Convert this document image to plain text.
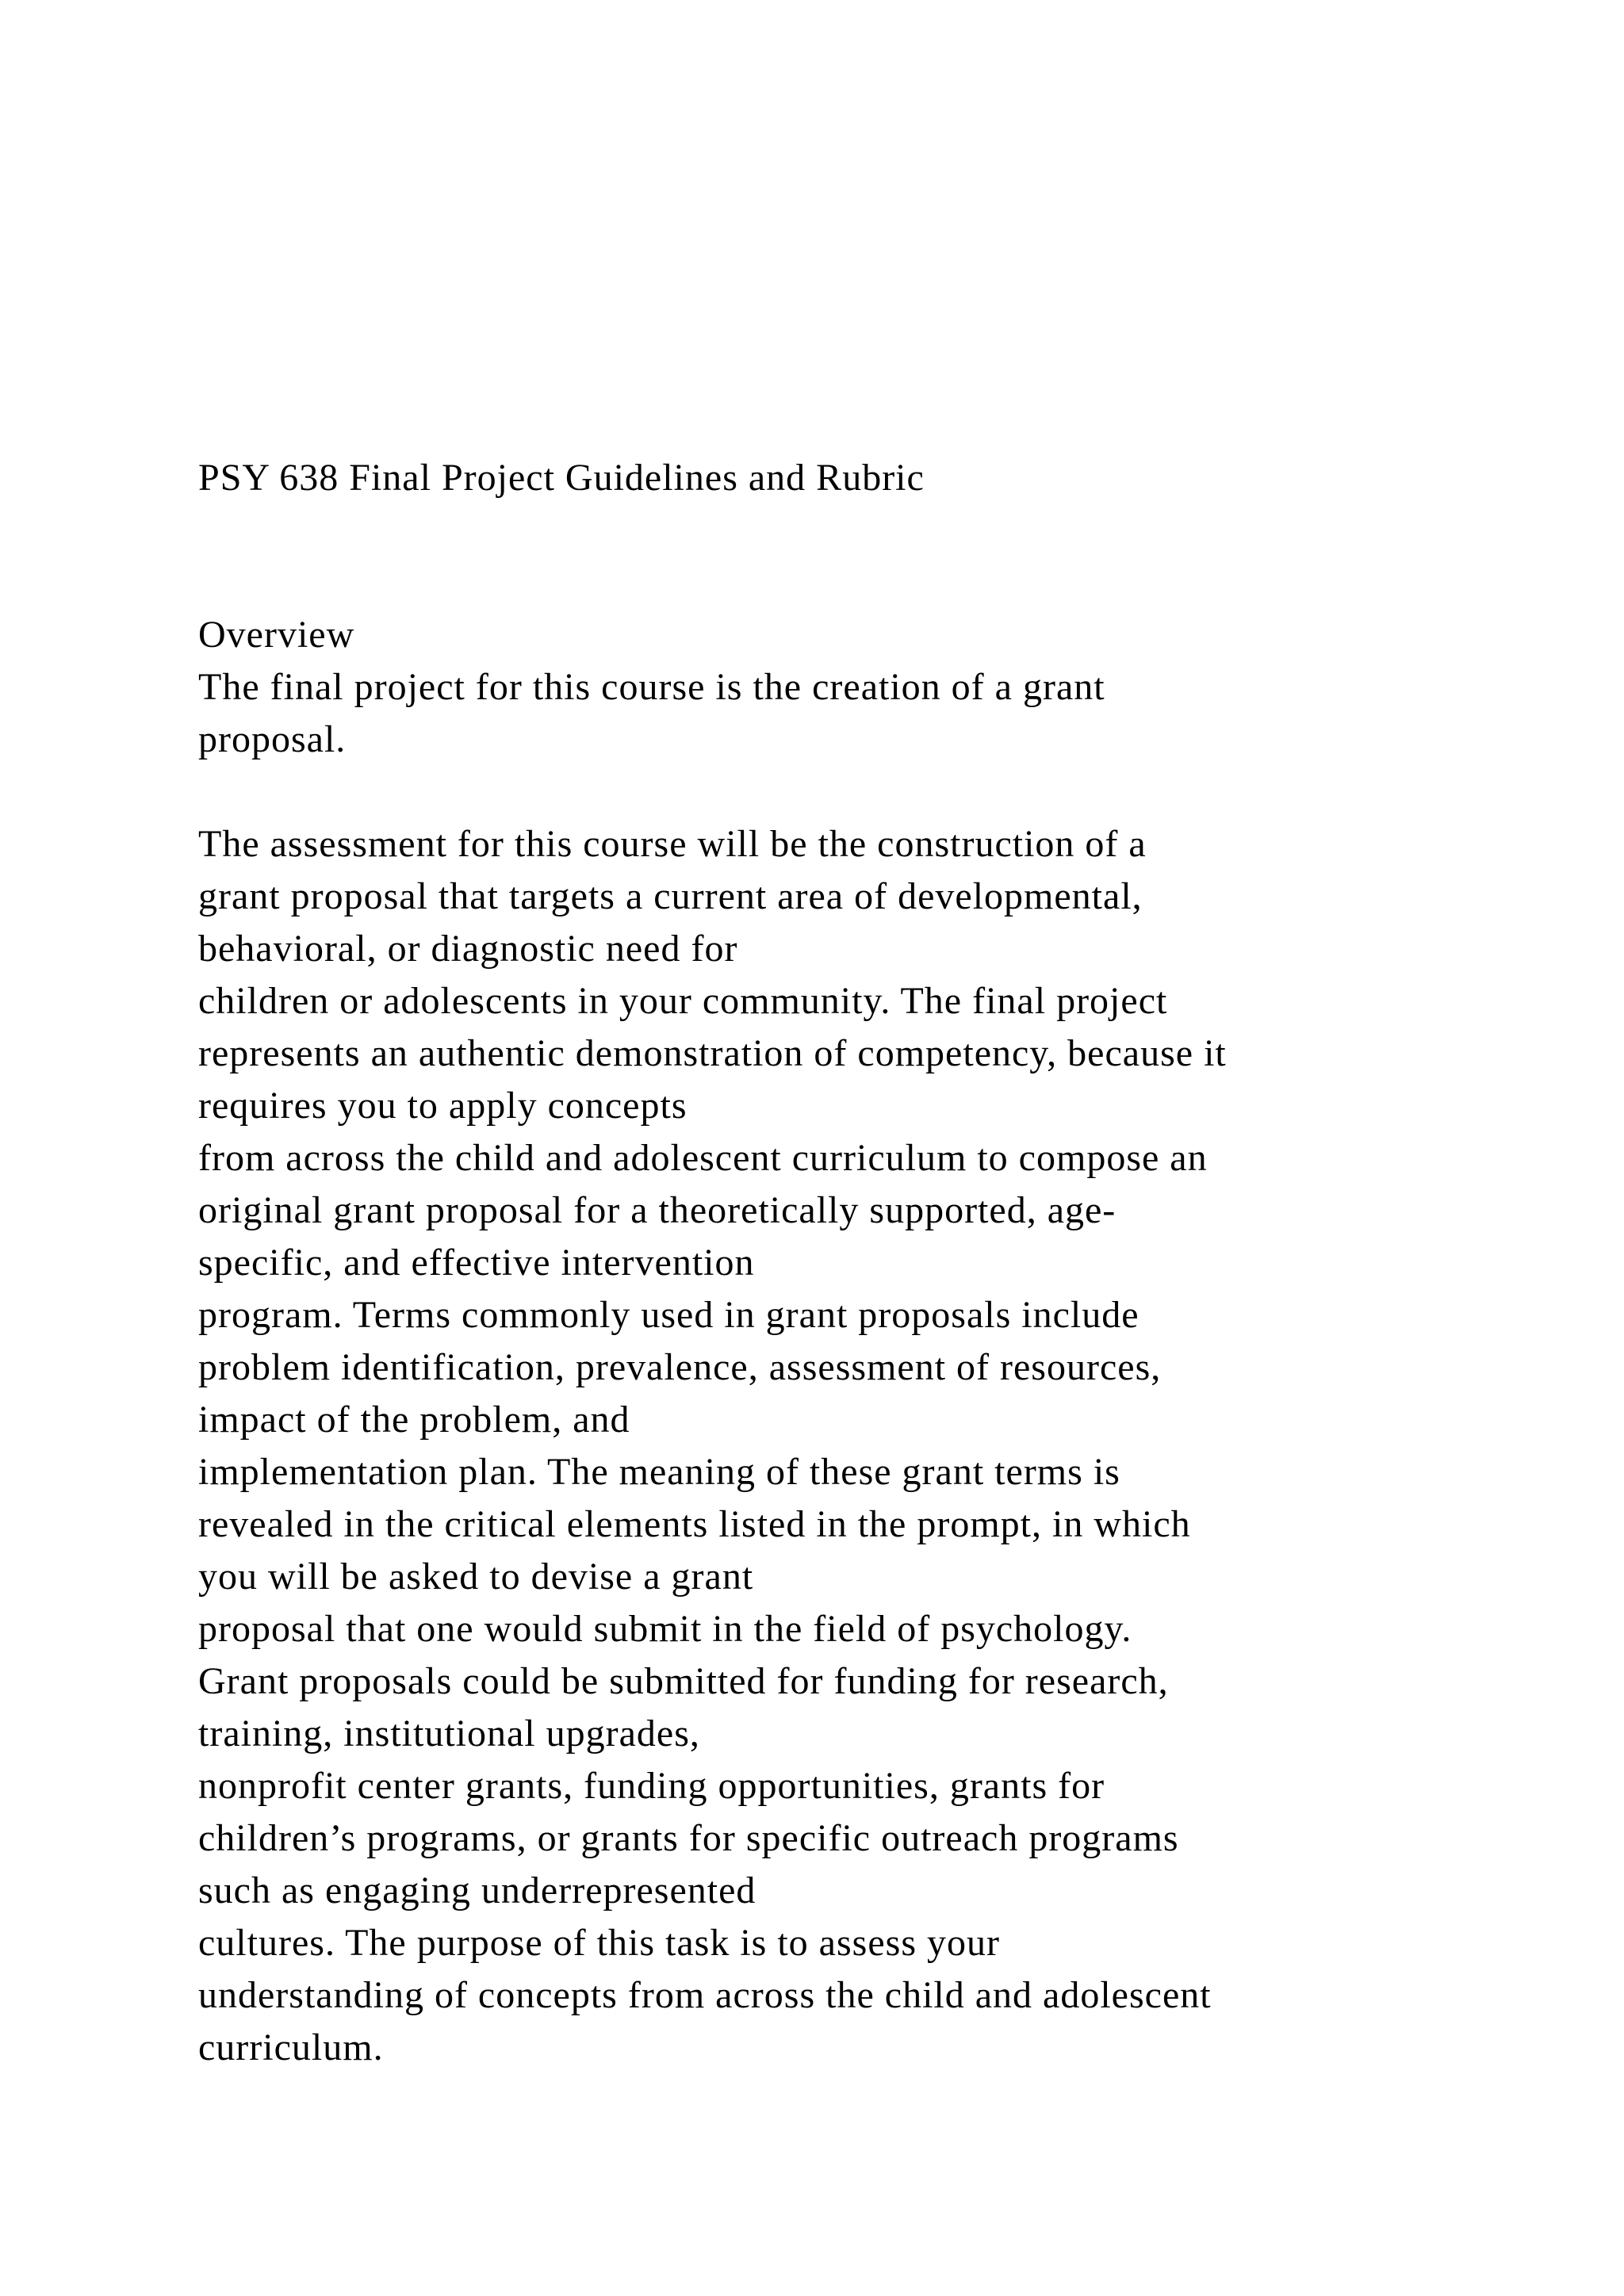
PSY 638 Final Project Guidelines and Rubric
Overview
The final project for this course is the creation of a grant
proposal.
The assessment for this course will be the construction of a
grant proposal that targets a current area of developmental,
behavioral, or diagnostic need for
children or adolescents in your community. The final project
represents an authentic demonstration of competency, because it
requires you to apply concepts
from across the child and adolescent curriculum to compose an
original grant proposal for a theoretically supported, age-
specific, and effective intervention
program. Terms commonly used in grant proposals include
problem identification, prevalence, assessment of resources,
impact of the problem, and
implementation plan. The meaning of these grant terms is
revealed in the critical elements listed in the prompt, in which
you will be asked to devise a grant
proposal that one would submit in the field of psychology.
Grant proposals could be submitted for funding for research,
training, institutional upgrades,
nonprofit center grants, funding opportunities, grants for
children’s programs, or grants for specific outreach programs
such as engaging underrepresented
cultures. The purpose of this task is to assess your
understanding of concepts from across the child and adolescent
curriculum.
